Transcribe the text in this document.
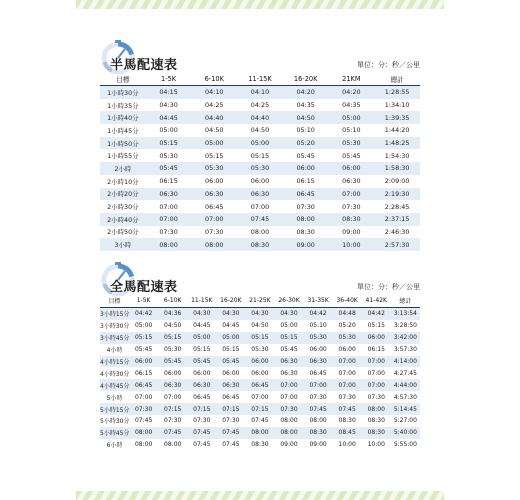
半馬配速表	單位：分：秒／公里
目標	1-5K	6-10K	11-15K	16-20K	21KM	總計
1小時30分	04:15	04:10	04:10	04:20	04:20	1:28:55
1小時35分	04:30	04:25	04:25	04:35	04:35	1:34:10
1小時40分	04:45	04:40	04:40	04:50	05:00	1:39:35
1小時45分	05:00	04:50	04:50	05:10	05:10	1:44:20
1小時50分	05:15	05:00	05:00	05:20	05:30	1:48:25
1小時55分	05:30	05:15	05:15	05:45	05:45	1:54:30
2小時	05:45	05:30	05:30	06:00	06:00	1:58:30
2小時10分	06:15	06:00	06:00	06:15	06:30	2:09:00
2小時20分	06:30	06:30	06:30	06:45	07:00	2:19:30
2小時30分	07:00	06:45	07:00	07:30	07:30	2:28:45
2小時40分	07:00	07:00	07:45	08:00	08:30	2:37:15
2小時50分	07:30	07:30	08:00	08:30	09:00	2:46:30
3小時	08:00	08:00	08:30	09:00	10:00	2:57:30
全馬配速表	單位：分：秒／公里
目標	1-5K	6-10K	11-15K	16-20K	21-25K	26-30K	31-35K	36-40K	41-42K	總計
3小時15分	04:42	04:36	04:30	04:30	04:30	04:30	04:42	04:48	04:42	3:13:54
3小時30分	05:00	04:50	04:45	04:45	04:50	05:00	05:10	05:20	05:15	3:28:50
3小時45分	05:15	05:15	05:00	05:00	05:15	05:15	05:30	05:30	06:00	3:42:00
4小時	05:45	05:30	05:15	05:15	05:30	05:45	06:00	06:00	06:15	3:57:30
4小時15分	06:00	05:45	05:45	05:45	06:00	06:30	06:30	07:00	07:00	4:14:00
4小時30分	06:15	06:00	06:00	06:00	06:00	06:30	06:45	07:00	07:00	4:27:45
4小時45分	06:45	06:30	06:30	06:30	06:45	07:00	07:00	07:00	07:00	4:44:00
5小時	07:00	07:00	06:45	06:45	07:00	07:00	07:30	07:30	07:30	4:57:30
5小時15分	07:30	07:15	07:15	07:15	07:15	07:30	07:45	07:45	08:00	5:14:45
5小時30分	07:45	07:30	07:30	07:30	07:45	08:00	08:00	08:30	08:30	5:27:00
5小時45分	08:00	07:45	07:45	07:45	08:00	08:00	08:30	08:45	08:30	5:40:00
6小時	08:00	08:00	07:45	07:45	08:30	09:00	09:00	10:00	10:00	5:55:00
